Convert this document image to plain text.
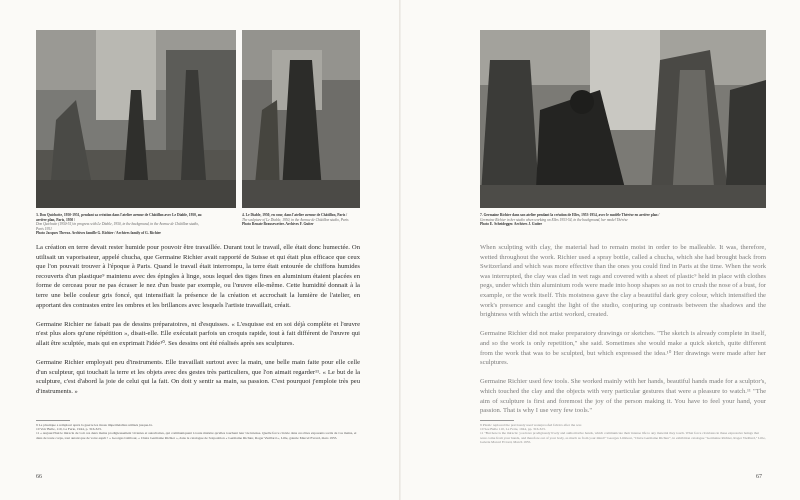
3. Don Quichotte, 1950-1951, pendant sa création dans l'atelier avenue de Châtillon avec Le Diable, 1950, au arrière plan, Paris, 1950 /
Don Quichotte (1950-51) in progress with Le Diable, 1950, in the background, in the Avenue de Châtillon studio, Paris 1951
Photo Jacques Thevoz. Archives famille G. Richier / Archives family of G. Richier
4. Le Diable, 1950, en cour, dans l'atelier avenue de Châtillon, Paris /
The sculpture of Le Diable, 1950, in the Avenue de Châtillon studio, Paris
Photo Renate Brausewetter. Archives F. Guiter

La création en terre devait rester humide pour pouvoir être travaillée. Durant tout le travail, elle était donc humectée. On utilisait un vaporisateur, appelé chucha, que Germaine Richier avait rapporté de Suisse et qui était plus efficace que ceux que l'on pouvait trouver à l'époque à Paris. Quand le travail était interrompu, la terre était entourée de chiffons humides recouverts d'un plastique⁹ maintenu avec des épingles à linge, sous lequel des tiges fines en aluminium étaient placées en forme de cerceau pour ne pas écraser le nez d'un buste par exemple, ou l'œuvre elle-même. Cette humidité donnait à la terre une belle couleur gris foncé, qui intensifiait la présence de la création et accrochait la lumière de l'atelier, en apportant des contrastes entre les ombres et les brillances avec lesquels l'artiste travaillait, créait.

Germaine Richier ne faisait pas de dessins préparatoires, ni d'esquisses. « L'esquisse est en soi déjà complète et l'œuvre n'est plus alors qu'une répétition », disait-elle. Elle exécutait parfois un croquis rapide, tout à fait différent de l'œuvre qui allait être sculptée, mais qui en exprimait l'idée¹⁰. Ses dessins ont été réalisés après ses sculptures.

Germaine Richier employait peu d'instruments. Elle travaillait surtout avec la main, une belle main faite pour elle celle d'un sculpteur, qui touchait la terre et les objets avec des gestes très particuliers, que l'on aimait regarder¹¹. « Le but de la sculpture, c'est d'abord la joie de celui qui la fait. On doit y sentir sa main, sa passion. C'est pourquoi j'emploie très peu d'instruments. »

9 Le plastique a remplacé après la guerre les tissus imperméables utilisés jusque-là.
10 Voir Bulle, 110, La Ferie, 1944, p. 316-323.
11 « Aujourd'hui le miracle de voir ces deux mains prodigieusement vivantes et autoritaires, qui communiquent à toute matière qu'elles touchent leur vie intense. Quelle force circule dans ces êtres exposants sortis de vos mains, et dans de toute corps, tout autant que de votre esprit ! » Georges Limbour, « Chère Germaine Richier », dans le catalogue de l'exposition « Germaine Richier, Roger Vieillard », Lille, galerie Marcel Evrard, mars 1955.
66
7. Germaine Richier dans son atelier pendant la création de Elles, 1953-1954, avec le modèle Thérèse en arrière plan /
Germaine Richier in her studio when working on Elles 1953-54, in the background, her model Thérèse
Photo E. Scheidegger. Archives J. Guiter

When sculpting with clay, the material had to remain moist in order to be malleable. It was, therefore, wetted throughout the work. Richier used a spray bottle, called a chucha, which she had brought back from Switzerland and which was more effective than the ones you could find in Paris at the time. When the work was interrupted, the clay was clad in wet rags and covered with a sheet of plastic⁹ held in place with clothes pegs, under which thin aluminium rods were made into hoop shapes so as not to crush the nose of a bust, for example, or the work itself. This moistness gave the clay a beautiful dark grey colour, which intensified the work's presence and caught the light of the studio, conjuring up contrasts between the shadows and the brightness with which the artist worked, created.

Germaine Richier did not make preparatory drawings or sketches. "The sketch is already complete in itself, and so the work is only repetition," she said. Sometimes she would make a quick sketch, quite different from the work that was to be sculpted, but which expressed the idea.¹⁰ Her drawings were made after her sculptures.

Germaine Richier used few tools. She worked mainly with her hands, beautiful hands made for a sculptor's, which touched the clay and the objects with very particular gestures that were a pleasure to watch.¹¹ "The aim of sculpture is first and foremost the joy of the person making it. You have to feel your hand, your passion. That is why I use very few tools."

9 Plastic replaced the previously used waterproofed fabrics after the war.
10 See Bulle 110, La Ferie, 1944, pp. 316-323.
11 "But here is the miracle: you have prodigiously lively and authoritative hands, which communicate their intense life to any material they touch. What force circulates in these expressive beings that were come from your hands, and therefore out of your body, as much as from your mind!" Georges Limbour, "Chère Germaine Richier", in exhibition catalogue "Germaine Richier, Roger Vieillard," Lille, Galerie Marcel Evrard, March 1955.
67
